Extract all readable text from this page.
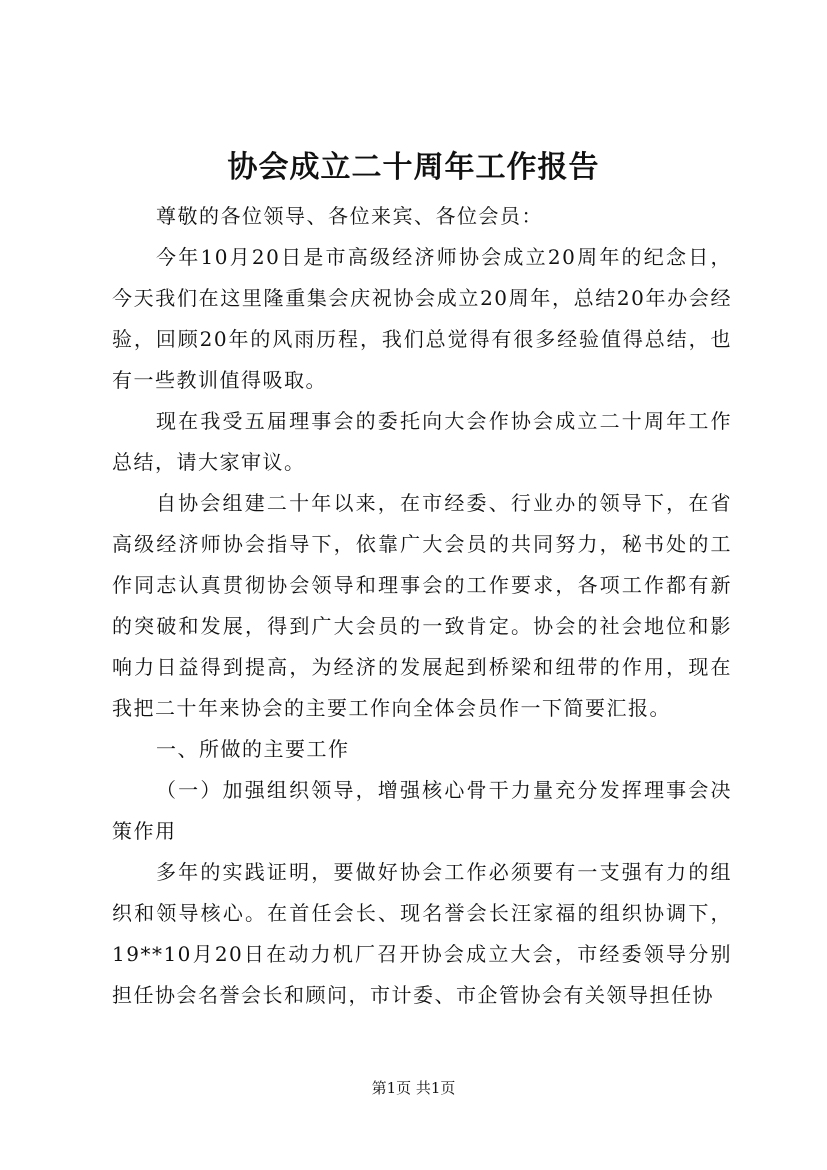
协会成立二十周年工作报告

尊敬的各位领导、各位来宾、各位会员：

今年10月20日是市高级经济师协会成立20周年的纪念日，今天我们在这里隆重集会庆祝协会成立20周年，总结20年办会经验，回顾20年的风雨历程，我们总觉得有很多经验值得总结，也有一些教训值得吸取。

现在我受五届理事会的委托向大会作协会成立二十周年工作总结，请大家审议。

自协会组建二十年以来，在市经委、行业办的领导下，在省高级经济师协会指导下，依靠广大会员的共同努力，秘书处的工作同志认真贯彻协会领导和理事会的工作要求，各项工作都有新的突破和发展，得到广大会员的一致肯定。协会的社会地位和影响力日益得到提高，为经济的发展起到桥梁和纽带的作用，现在我把二十年来协会的主要工作向全体会员作一下简要汇报。

一、所做的主要工作

（一）加强组织领导，增强核心骨干力量充分发挥理事会决策作用

多年的实践证明，要做好协会工作必须要有一支强有力的组织和领导核心。在首任会长、现名誉会长汪家福的组织协调下，19**10月20日在动力机厂召开协会成立大会，市经委领导分别担任协会名誉会长和顾问，市计委、市企管协会有关领导担任协

第1页 共1页
